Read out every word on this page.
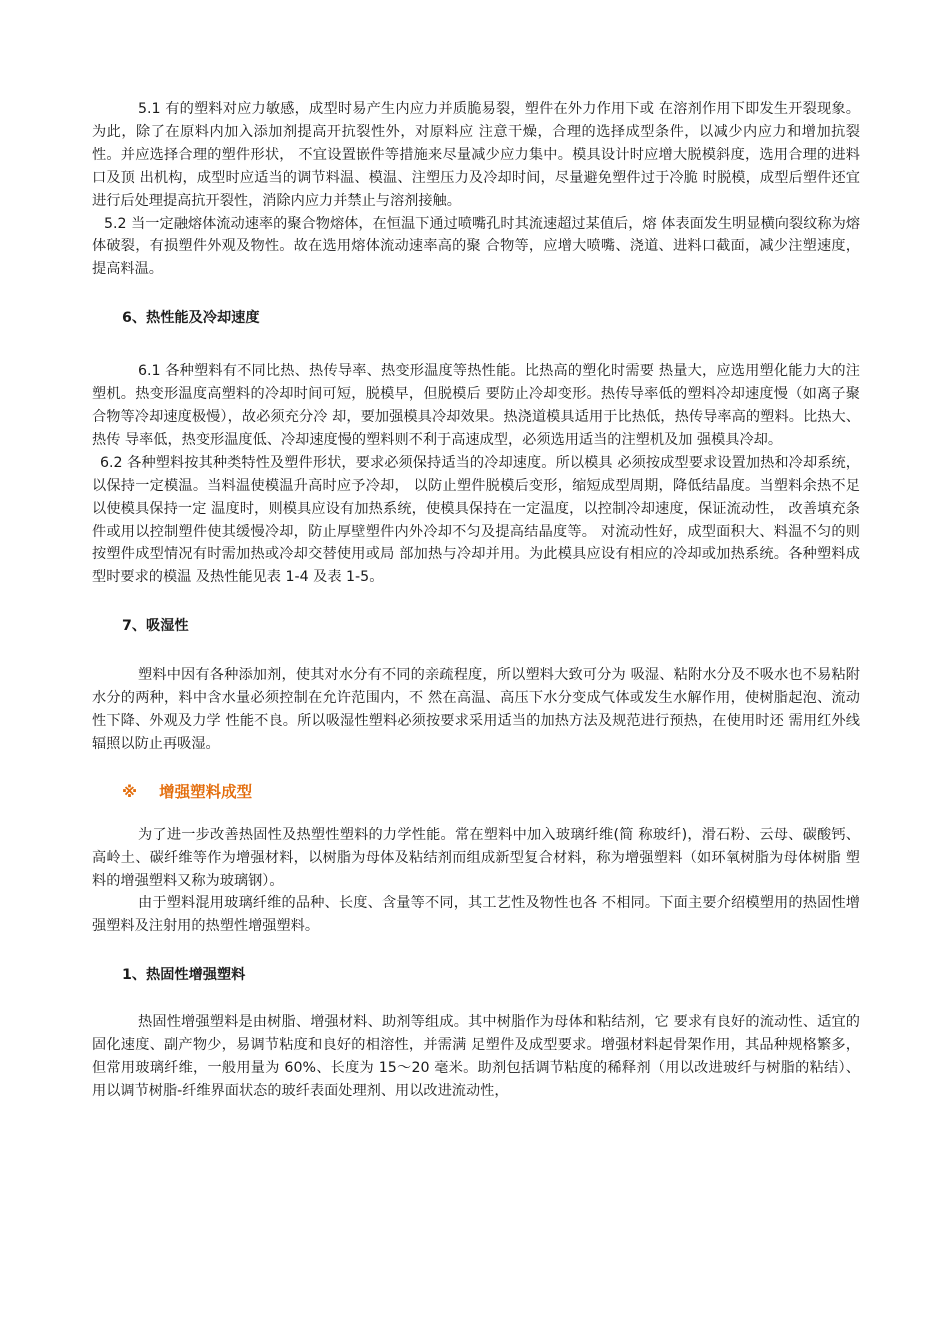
5.1 有的塑料对应力敏感，成型时易产生内应力并质脆易裂，塑件在外力作用下或 在溶剂作用下即发生开裂现象。为此，除了在原料内加入添加剂提高开抗裂性外，对原料应 注意干燥，合理的选择成型条件，以减少内应力和增加抗裂性。并应选择合理的塑件形状， 不宜设置嵌件等措施来尽量减少应力集中。模具设计时应增大脱模斜度，选用合理的进料口及顶 出机构，成型时应适当的调节料温、模温、注塑压力及冷却时间，尽量避免塑件过于冷脆 时脱模，成型后塑件还宜进行后处理提高抗开裂性，消除内应力并禁止与溶剂接触。

5.2 当一定融熔体流动速率的聚合物熔体，在恒温下通过喷嘴孔时其流速超过某值后，熔 体表面发生明显横向裂纹称为熔体破裂，有损塑件外观及物性。故在选用熔体流动速率高的聚 合物等，应增大喷嘴、浇道、进料口截面，减少注塑速度，提高料温。

6、热性能及冷却速度

6.1 各种塑料有不同比热、热传导率、热变形温度等热性能。比热高的塑化时需要 热量大，应选用塑化能力大的注塑机。热变形温度高塑料的冷却时间可短，脱模早，但脱模后 要防止冷却变形。热传导率低的塑料冷却速度慢（如离子聚合物等冷却速度极慢），故必须充分冷 却，要加强模具冷却效果。热浇道模具适用于比热低，热传导率高的塑料。比热大、热传 导率低，热变形温度低、冷却速度慢的塑料则不利于高速成型，必须选用适当的注塑机及加 强模具冷却。

6.2 各种塑料按其种类特性及塑件形状，要求必须保持适当的冷却速度。所以模具 必须按成型要求设置加热和冷却系统，以保持一定模温。当料温使模温升高时应予冷却， 以防止塑件脱模后变形，缩短成型周期，降低结晶度。当塑料余热不足以使模具保持一定 温度时，则模具应设有加热系统，使模具保持在一定温度，以控制冷却速度，保证流动性， 改善填充条件或用以控制塑件使其缓慢冷却，防止厚壁塑件内外冷却不匀及提高结晶度等。 对流动性好，成型面积大、料温不匀的则按塑件成型情况有时需加热或冷却交替使用或局 部加热与冷却并用。为此模具应设有相应的冷却或加热系统。各种塑料成型时要求的模温 及热性能见表 1-4 及表 1-5。

7、吸湿性

塑料中因有各种添加剂，使其对水分有不同的亲疏程度，所以塑料大致可分为 吸湿、粘附水分及不吸水也不易粘附水分的两种，料中含水量必须控制在允许范围内，不 然在高温、高压下水分变成气体或发生水解作用，使树脂起泡、流动性下降、外观及力学 性能不良。所以吸湿性塑料必须按要求采用适当的加热方法及规范进行预热，在使用时还 需用红外线辐照以防止再吸湿。

※ 增强塑料成型

为了进一步改善热固性及热塑性塑料的力学性能。常在塑料中加入玻璃纤维(简 称玻纤)，滑石粉、云母、碳酸钙、高岭土、碳纤维等作为增强材料，以树脂为母体及粘结剂而组成新型复合材料，称为增强塑料（如环氧树脂为母体树脂 塑料的增强塑料又称为玻璃钢）。

由于塑料混用玻璃纤维的品种、长度、含量等不同，其工艺性及物性也各 不相同。下面主要介绍模塑用的热固性增强塑料及注射用的热塑性增强塑料。

1、热固性增强塑料

热固性增强塑料是由树脂、增强材料、助剂等组成。其中树脂作为母体和粘结剂，它 要求有良好的流动性、适宜的固化速度、副产物少，易调节粘度和良好的相溶性，并需满 足塑件及成型要求。增强材料起骨架作用，其品种规格繁多，但常用玻璃纤维，一般用量为 60%、长度为 15～20 毫米。助剂包括调节粘度的稀释剂（用以改进玻纤与树脂的粘结）、 用以调节树脂-纤维界面状态的玻纤表面处理剂、用以改进流动性，
